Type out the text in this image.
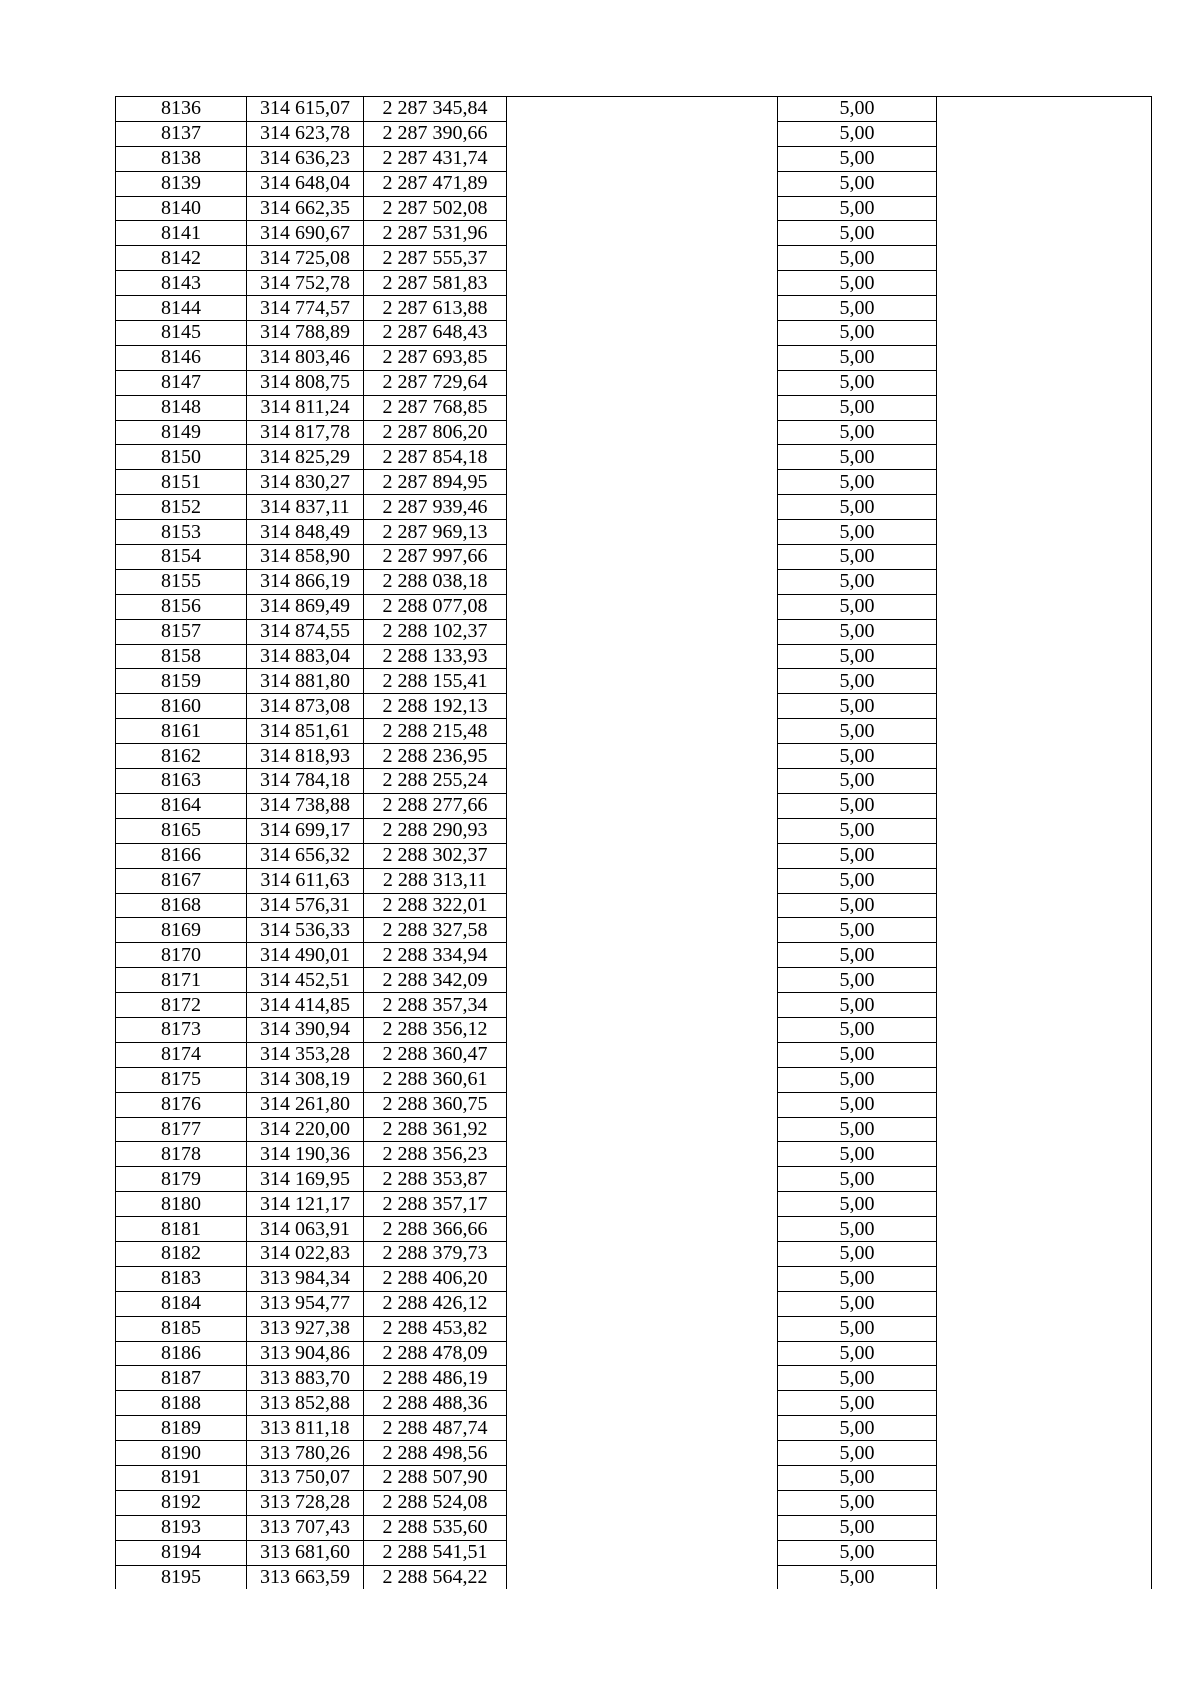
8136	314 615,07	2 287 345,84		5,00	
8137	314 623,78	2 287 390,66		5,00	
8138	314 636,23	2 287 431,74		5,00	
8139	314 648,04	2 287 471,89		5,00	
8140	314 662,35	2 287 502,08		5,00	
8141	314 690,67	2 287 531,96		5,00	
8142	314 725,08	2 287 555,37		5,00	
8143	314 752,78	2 287 581,83		5,00	
8144	314 774,57	2 287 613,88		5,00	
8145	314 788,89	2 287 648,43		5,00	
8146	314 803,46	2 287 693,85		5,00	
8147	314 808,75	2 287 729,64		5,00	
8148	314 811,24	2 287 768,85		5,00	
8149	314 817,78	2 287 806,20		5,00	
8150	314 825,29	2 287 854,18		5,00	
8151	314 830,27	2 287 894,95		5,00	
8152	314 837,11	2 287 939,46		5,00	
8153	314 848,49	2 287 969,13		5,00	
8154	314 858,90	2 287 997,66		5,00	
8155	314 866,19	2 288 038,18		5,00	
8156	314 869,49	2 288 077,08		5,00	
8157	314 874,55	2 288 102,37		5,00	
8158	314 883,04	2 288 133,93		5,00	
8159	314 881,80	2 288 155,41		5,00	
8160	314 873,08	2 288 192,13		5,00	
8161	314 851,61	2 288 215,48		5,00	
8162	314 818,93	2 288 236,95		5,00	
8163	314 784,18	2 288 255,24		5,00	
8164	314 738,88	2 288 277,66		5,00	
8165	314 699,17	2 288 290,93		5,00	
8166	314 656,32	2 288 302,37		5,00	
8167	314 611,63	2 288 313,11		5,00	
8168	314 576,31	2 288 322,01		5,00	
8169	314 536,33	2 288 327,58		5,00	
8170	314 490,01	2 288 334,94		5,00	
8171	314 452,51	2 288 342,09		5,00	
8172	314 414,85	2 288 357,34		5,00	
8173	314 390,94	2 288 356,12		5,00	
8174	314 353,28	2 288 360,47		5,00	
8175	314 308,19	2 288 360,61		5,00	
8176	314 261,80	2 288 360,75		5,00	
8177	314 220,00	2 288 361,92		5,00	
8178	314 190,36	2 288 356,23		5,00	
8179	314 169,95	2 288 353,87		5,00	
8180	314 121,17	2 288 357,17		5,00	
8181	314 063,91	2 288 366,66		5,00	
8182	314 022,83	2 288 379,73		5,00	
8183	313 984,34	2 288 406,20		5,00	
8184	313 954,77	2 288 426,12		5,00	
8185	313 927,38	2 288 453,82		5,00	
8186	313 904,86	2 288 478,09		5,00	
8187	313 883,70	2 288 486,19		5,00	
8188	313 852,88	2 288 488,36		5,00	
8189	313 811,18	2 288 487,74		5,00	
8190	313 780,26	2 288 498,56		5,00	
8191	313 750,07	2 288 507,90		5,00	
8192	313 728,28	2 288 524,08		5,00	
8193	313 707,43	2 288 535,60		5,00	
8194	313 681,60	2 288 541,51		5,00	
8195	313 663,59	2 288 564,22		5,00	
